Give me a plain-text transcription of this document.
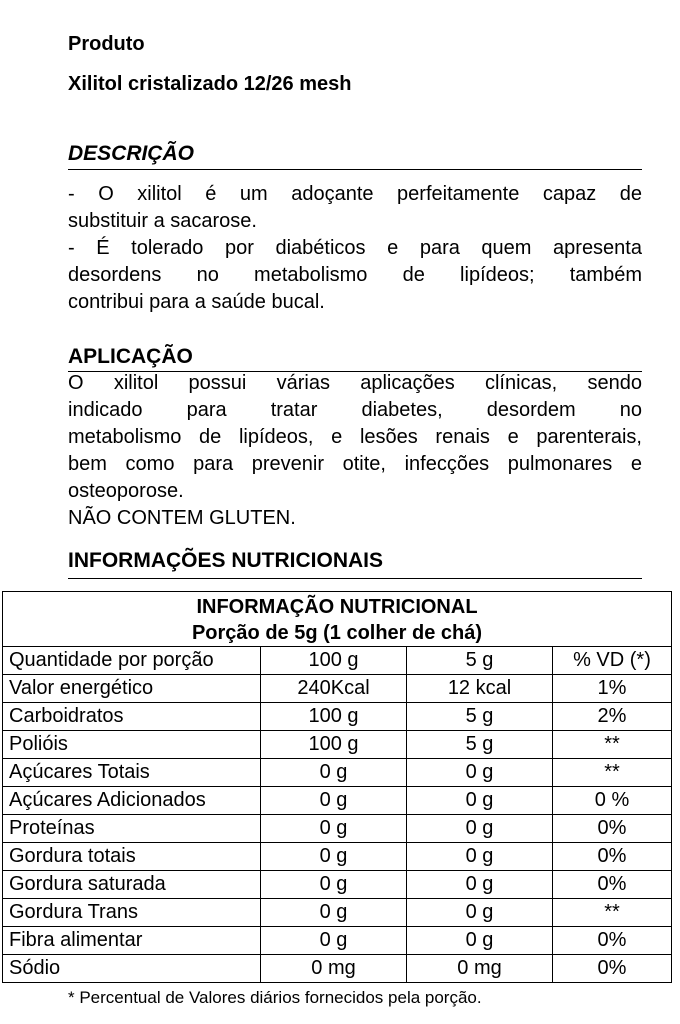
Produto
Xilitol cristalizado 12/26 mesh
DESCRIÇÃO

- O xilitol é um adoçante perfeitamente capaz de

substituir a sacarose.

- É tolerado por diabéticos e para quem apresenta

desordens no metabolismo de lipídeos; também

contribui para a saúde bucal.

APLICAÇÃO

O xilitol possui várias aplicações clínicas, sendo

indicado para tratar diabetes, desordem no

metabolismo de lipídeos, e lesões renais e parenterais,

bem como para prevenir otite, infecções pulmonares e

osteoporose.

NÃO CONTEM GLUTEN.

INFORMAÇÕES NUTRICIONAIS
INFORMAÇÃO NUTRICIONAL
Porção de 5g (1 colher de chá)			

Quantidade por porção	100 g	5 g	% VD (*)
Valor energético	240Kcal	12 kcal	1%
Carboidratos	100 g	5 g	2%
Polióis	100 g	5 g	**
Açúcares Totais	0 g	0 g	**
Açúcares Adicionados	0 g	0 g	0 %
Proteínas	0 g	0 g	0%
Gordura totais	0 g	0 g	0%
Gordura saturada	0 g	0 g	0%
Gordura Trans	0 g	0 g	**
Fibra alimentar	0 g	0 g	0%
Sódio	0 mg	0 mg	0%
* Percentual de Valores diários fornecidos pela porção.
